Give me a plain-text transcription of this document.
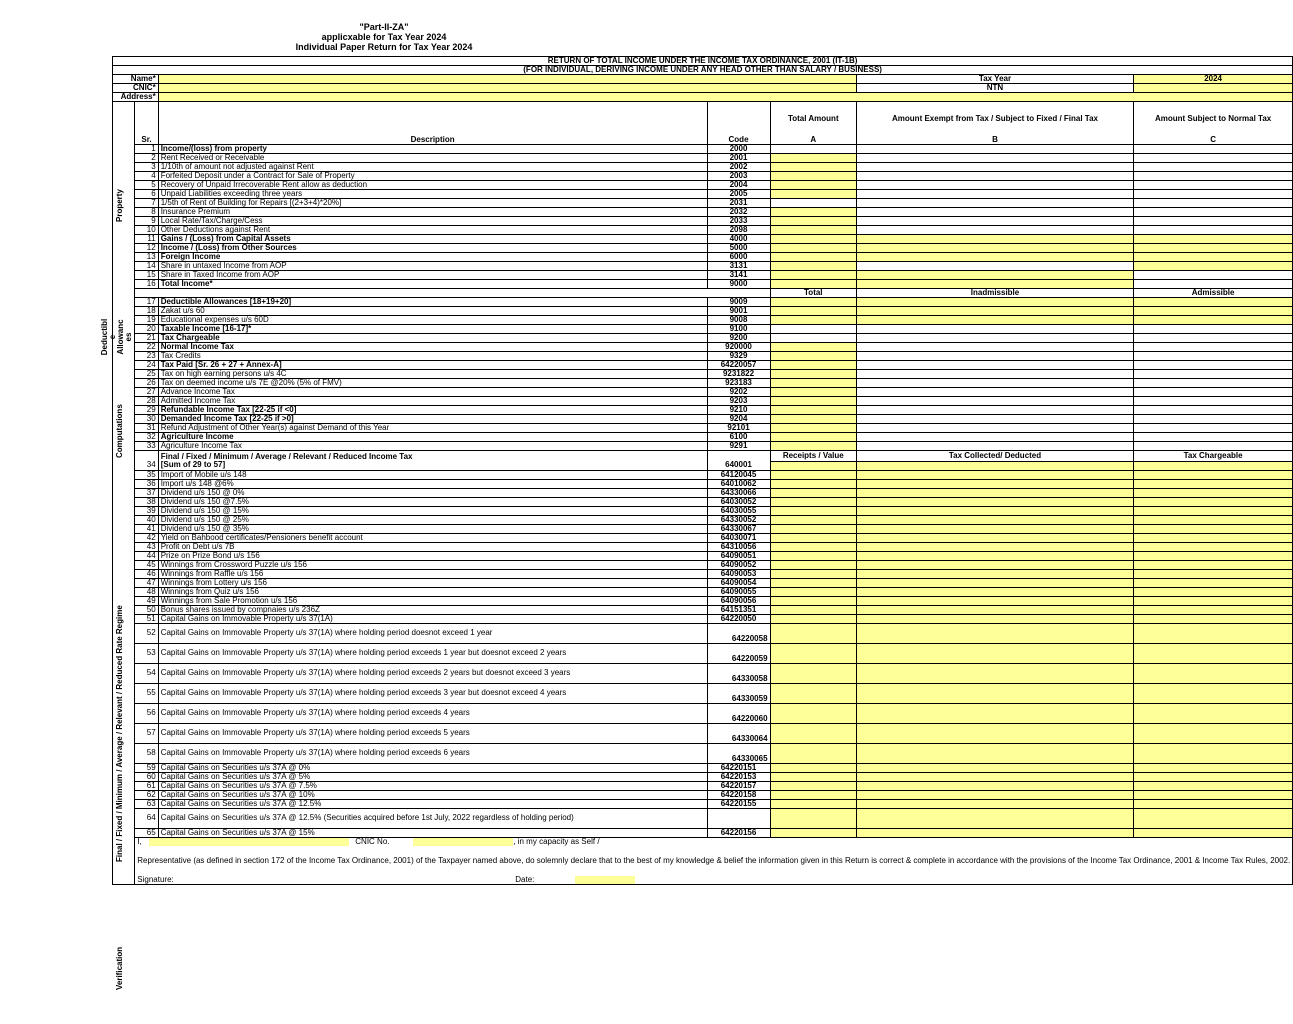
"Part-II-ZA"
applicxable for Tax Year 2024
Individual Paper Return for Tax Year 2024
Property
Deductibl e Allowanc es
Computations
Final / Fixed / Minimum / Average / Relevant / Reduced Rate Regime
Verification
RETURN OF TOTAL INCOME UNDER THE INCOME TAX ORDINANCE, 2001 (IT-1B)						
(FOR INDIVIDUAL, DERIVING INCOME UNDER ANY HEAD OTHER THAN SALARY / BUSINESS)						
Name*					Tax Year	2024
CNIC*					NTN	
Address*						
	Sr.	Description	Code	Total Amount	Amount Exempt from Tax / Subject to Fixed / Final Tax	Amount Subject to Normal Tax
				A	B	C
	1	Income/(loss) from property	2000			
	2	Rent Received or Receivable	2001			
	3	1/10th of amount not adjusted against Rent	2002			
	4	Forfeited Deposit under a Contract for Sale of Property	2003			
	5	Recovery of Unpaid Irrecoverable Rent allow as deduction	2004			
	6	Unpaid Liabilities exceeding three years	2005			
	7	1/5th of Rent of Building for Repairs [(2+3+4)*20%]	2031			
	8	Insurance Premium	2032			
	9	Local Rate/Tax/Charge/Cess	2033			
	10	Other Deductions against Rent	2098			
	11	Gains / (Loss) from Capital Assets	4000			
	12	Income / (Loss) from Other Sources	5000			
	13	Foreign Income	6000			
	14	Share in untaxed Income from AOP	3131			
	15	Share in Taxed Income from AOP	3141			
	16	Total Income*	9000			
				Total	Inadmissible	Admissible
	17	Deductible Allowances [18+19+20]	9009			
	18	Zakat u/s 60	9001			
	19	Educational expenses u/s 60D	9008			
	20	Taxable Income [16-17]*	9100			
	21	Tax Chargeable	9200			
	22	Normal Income Tax	920000			
	23	Tax Credits	9329			
	24	Tax Paid [Sr. 26 + 27 + Annex-A]	64220057			
	25	Tax on high earning persons u/s 4C	9231822			
	26	Tax on deemed income u/s 7E @20% (5% of FMV)	923183			
	27	Advance Income Tax	9202			
	28	Admitted Income Tax	9203			
	29	Refundable Income Tax [22-25 if <0]	9210			
	30	Demanded Income Tax [22-25 if >0]	9204			
	31	Refund Adjustment of Other Year(s) against Demand of this Year	92101			
	32	Agriculture Income	6100			
	33	Agriculture Income Tax	9291			
		Final / Fixed / Minimum / Average / Relevant / Reduced Income Tax		Receipts / Value	Tax Collected/ Deducted	Tax Chargeable
	34	[Sum of 29 to 57]	640001			
	35	Import of Mobile u/s 148	64120045			
	36	Import u/s 148 @6%	64010062			
	37	Dividend u/s 150 @ 0%	64330066			
	38	Dividend u/s 150 @7.5%	64030052			
	39	Dividend u/s 150 @ 15%	64030055			
	40	Dividend u/s 150 @ 25%	64330052			
	41	Dividend u/s 150 @ 35%	64330067			
	42	Yield on Bahbood certificates/Pensioners benefit account	64030071			
	43	Profit on Debt u/s 7B	64310056			
	44	Prize on Prize Bond u/s 156	64090051			
	45	Winnings from Crossword Puzzle u/s 156	64090052			
	46	Winnings from Raffle u/s 156	64090053			
	47	Winnings from Lottery u/s 156	64090054			
	48	Winnings from Quiz u/s 156	64090055			
	49	Winnings from Sale Promotion u/s 156	64090056			
	50	Bonus shares issued by compnaies u/s 236Z	64151351			
	51	Capital Gains on Immovable Property u/s 37(1A)	64220050			
	52	Capital Gains on Immovable Property u/s 37(1A) where holding period doesnot exceed 1 year	64220058			
	53	Capital Gains on Immovable Property u/s 37(1A) where holding period exceeds 1 year but doesnot exceed 2 years	64220059			
	54	Capital Gains on Immovable Property u/s 37(1A) where holding period exceeds 2 years but doesnot exceed 3 years	64330058			
	55	Capital Gains on Immovable Property u/s 37(1A) where holding period exceeds 3 year but doesnot exceed 4 years	64330059			
	56	Capital Gains on Immovable Property u/s 37(1A) where holding period exceeds 4 years	64220060			
	57	Capital Gains on Immovable Property u/s 37(1A) where holding period exceeds 5 years	64330064			
	58	Capital Gains on Immovable Property u/s 37(1A) where holding period exceeds 6 years	64330065			
	59	Capital Gains on Securities u/s 37A @ 0%	64220151			
	60	Capital Gains on Securities u/s 37A @ 5%	64220153			
	61	Capital Gains on Securities u/s 37A @ 7.5%	64220157			
	62	Capital Gains on Securities u/s 37A @ 10%	64220158			
	63	Capital Gains on Securities u/s 37A @ 12.5%	64220155			
	64	Capital Gains on Securities u/s 37A @ 12.5% (Securities acquired before 1st July, 2022 regardless of holding period)				
	65	Capital Gains on Securities u/s 37A @ 15%	64220156			
	I, CNIC No. , in my capacity as Self /					
	Representative (as defined in section 172 of the Income Tax Ordinance, 2001) of the Taxpayer named above, do solemnly declare that to the best of my knowledge & belief the information given in this Return is correct & complete in accordance with the provisions of the Income Tax Ordinance, 2001 & Income Tax Rules, 2002.					
	Signature: Date:					
